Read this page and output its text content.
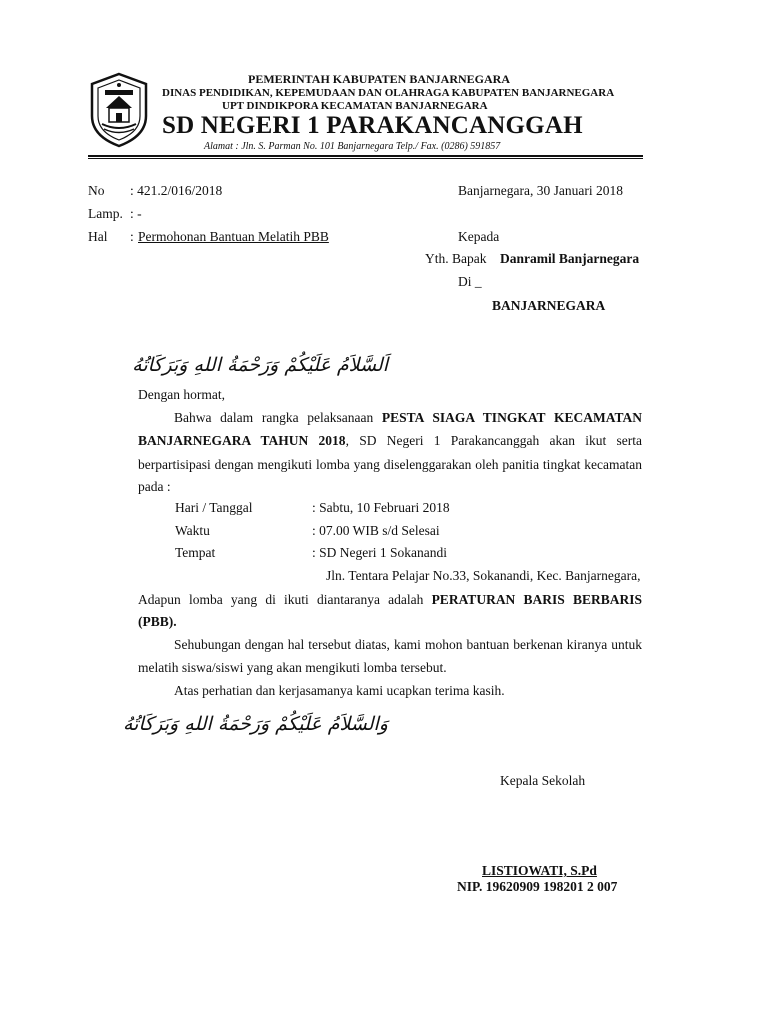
PEMERINTAH KABUPATEN BANJARNEGARA
DINAS PENDIDIKAN, KEPEMUDAAN DAN OLAHRAGA KABUPATEN BANJARNEGARA
UPT DINDIKPORA KECAMATAN BANJARNEGARA
SD NEGERI 1 PARAKANCANGGAH
Alamat : Jln. S. Parman No. 101 Banjarnegara Telp./ Fax. (0286) 591857
No : 421.2/016/2018
Lamp. : -
Hal : Permohonan Bantuan Melatih PBB
Banjarnegara, 30 Januari 2018
Kepada
Yth. Bapak Danramil Banjarnegara
Di _
BANJARNEGARA
اَلسَّلاَمُ عَلَيْكُمْ وَرَحْمَةُ اللهِ وَبَرَكَاتُهُ
Dengan hormat,
Bahwa dalam rangka pelaksanaan PESTA SIAGA TINGKAT KECAMATAN
BANJARNEGARA TAHUN 2018, SD Negeri 1 Parakancanggah akan ikut serta
berpartisipasi dengan mengikuti lomba yang diselenggarakan oleh panitia tingkat kecamatan
pada :
Hari / Tanggal	: Sabtu, 10 Februari 2018
Waktu	: 07.00 WIB s/d Selesai
Tempat	: SD Negeri 1 Sokanandi
Jln. Tentara Pelajar No.33, Sokanandi, Kec. Banjarnegara,
Adapun lomba yang di ikuti diantaranya adalah PERATURAN BARIS BERBARIS
(PBB).
Sehubungan dengan hal tersebut diatas, kami mohon bantuan berkenan kiranya untuk
melatih siswa/siswi yang akan mengikuti lomba tersebut.
Atas perhatian dan kerjasamanya kami ucapkan terima kasih.
وَالسَّلاَمُ عَلَيْكُمْ وَرَحْمَةُ اللهِ وَبَرَكَاتُهُ
Kepala Sekolah
LISTIOWATI, S.Pd
NIP. 19620909 198201 2 007
